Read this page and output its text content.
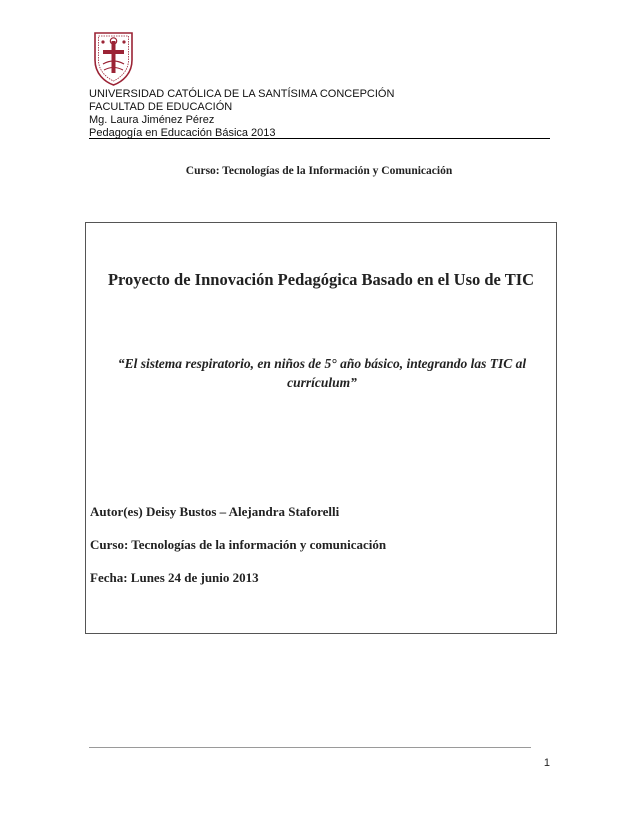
UNIVERSIDAD CATÓLICA DE LA SANTÍSIMA CONCEPCIÓN
FACULTAD DE EDUCACIÓN
Mg. Laura Jiménez Pérez
Pedagogía en Educación Básica 2013
Curso: Tecnologías de la Información y Comunicación
Proyecto de Innovación Pedagógica Basado en el Uso de TIC
“El sistema respiratorio, en niños de 5° año básico, integrando las TIC al
currículum”
Autor(es) Deisy Bustos – Alejandra Staforelli
Curso: Tecnologías de la información y comunicación
Fecha: Lunes 24 de junio 2013
1
